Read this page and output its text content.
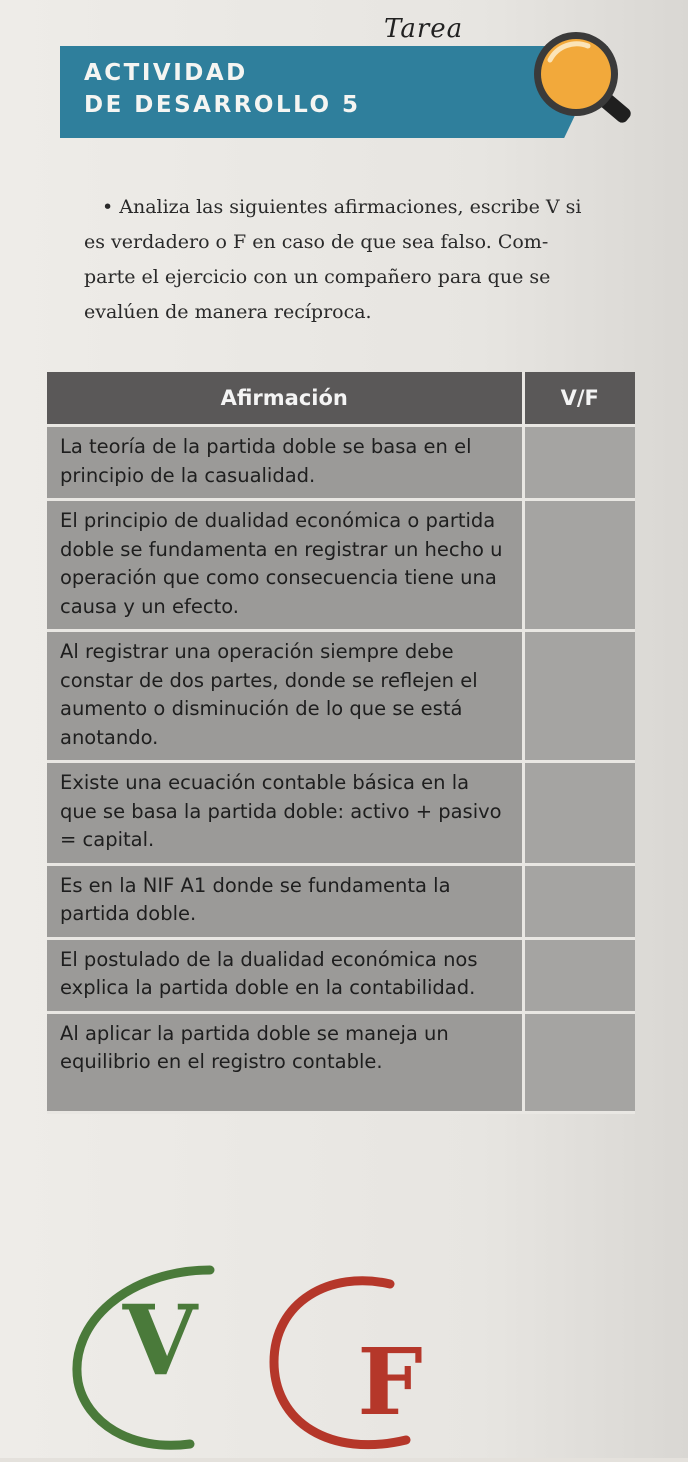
Tarea
ACTIVIDAD
DE DESARROLLO 5
• Analiza las siguientes afirmaciones, escribe V si
es verdadero o F en caso de que sea falso. Com-
parte el ejercicio con un compañero para que se
evalúen de manera recíproca.
Afirmación	V/F
La teoría de la partida doble se basa en el principio de la casualidad.	
El principio de dualidad económica o partida doble se fundamenta en registrar un hecho u operación que como consecuencia tiene una causa y un efecto.	
Al registrar una operación siempre debe constar de dos partes, donde se reflejen el aumento o disminución de lo que se está anotando.	
Existe una ecuación contable básica en la que se basa la partida doble: activo + pasivo = capital.	
Es en la NIF A1 donde se fundamenta la partida doble.	
El postulado de la dualidad económica nos explica la partida doble en la contabilidad.	
Al aplicar la partida doble se maneja un equilibrio en el registro contable.	
V F
